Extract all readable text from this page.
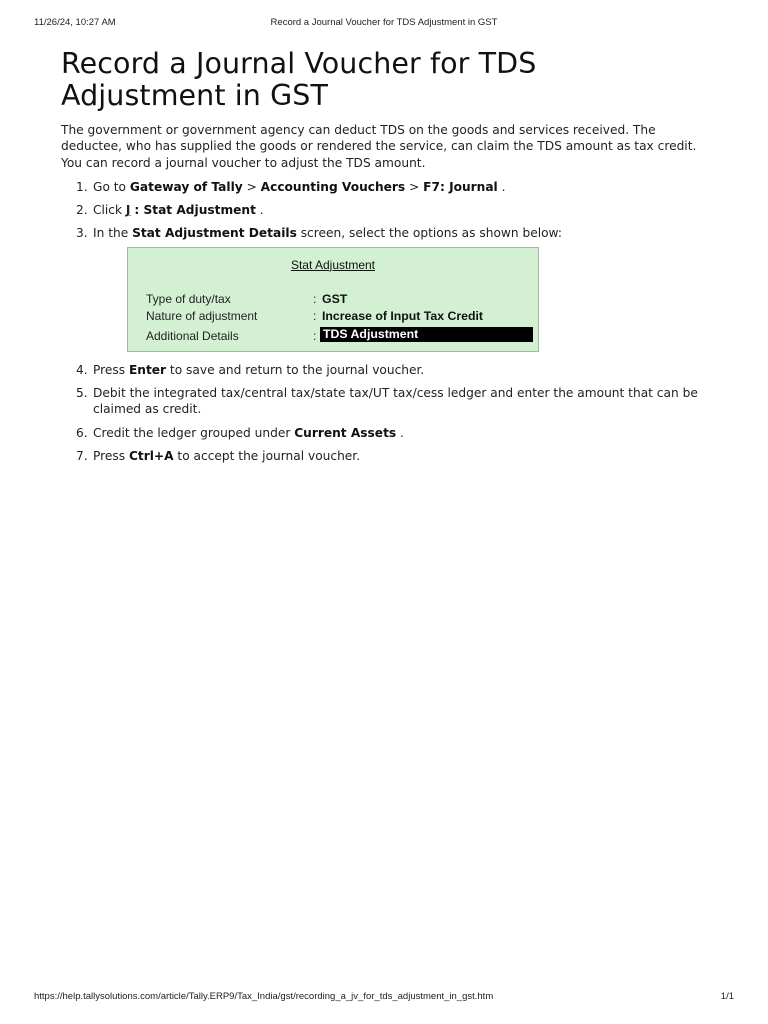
11/26/24, 10:27 AM	Record a Journal Voucher for TDS Adjustment in GST
Record a Journal Voucher for TDS Adjustment in GST

The government or government agency can deduct TDS on the goods and services received. The deductee, who has supplied the goods or rendered the service, can claim the TDS amount as tax credit. You can record a journal voucher to adjust the TDS amount.

1. Go to Gateway of Tally > Accounting Vouchers > F7: Journal .
2. Click J : Stat Adjustment .
3. In the Stat Adjustment Details screen, select the options as shown below:
Stat Adjustment
Type of duty/tax	: GST
Nature of adjustment	: Increase of Input Tax Credit
Additional Details	: TDS Adjustment
4. Press Enter to save and return to the journal voucher.
5. Debit the integrated tax/central tax/state tax/UT tax/cess ledger and enter the amount that can be claimed as credit.
6. Credit the ledger grouped under Current Assets .
7. Press Ctrl+A to accept the journal voucher.
https://help.tallysolutions.com/article/Tally.ERP9/Tax_India/gst/recording_a_jv_for_tds_adjustment_in_gst.htm	1/1
